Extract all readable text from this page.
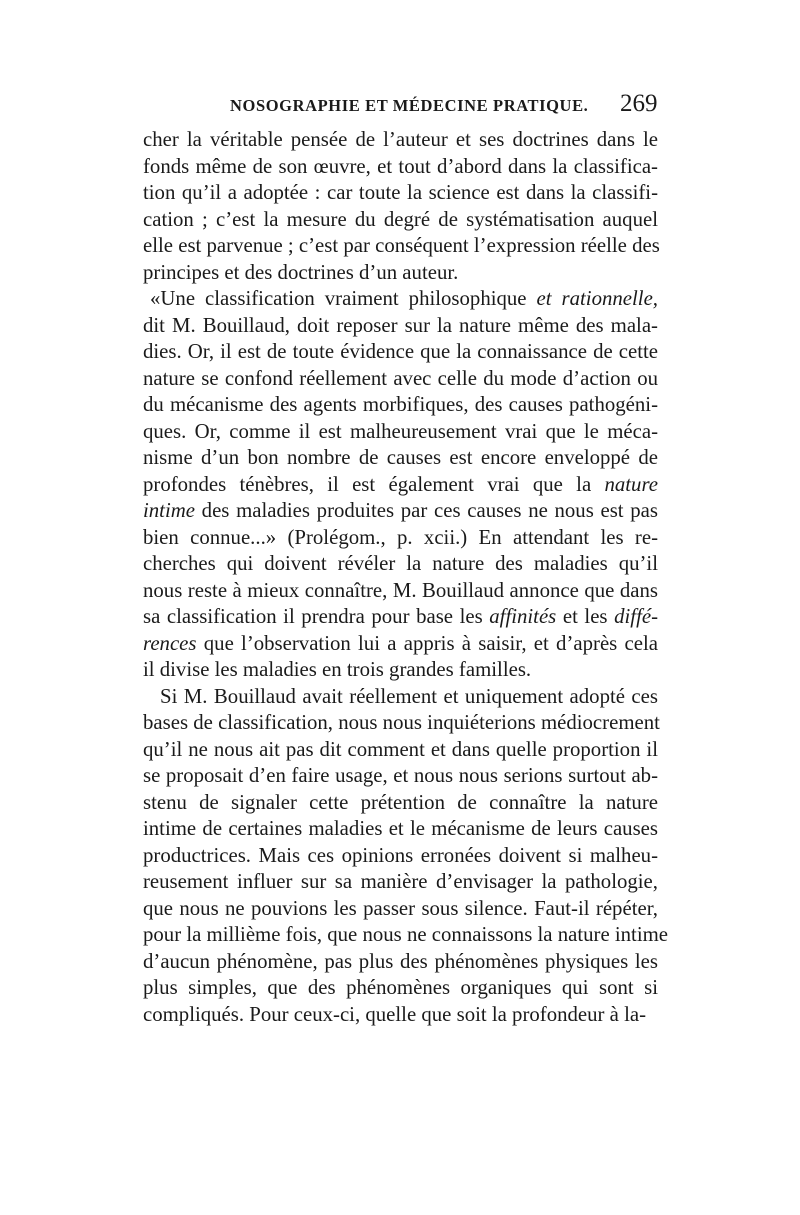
NOSOGRAPHIE ET MÉDECINE PRATIQUE. 269
cher la véritable pensée de l’auteur et ses doctrines dans le
fonds même de son œuvre, et tout d’abord dans la classifica-
tion qu’il a adoptée : car toute la science est dans la classifi-
cation ; c’est la mesure du degré de systématisation auquel
elle est parvenue ; c’est par conséquent l’expression réelle des
principes et des doctrines d’un auteur.
«Une classification vraiment philosophique et rationnelle,
dit M. Bouillaud, doit reposer sur la nature même des mala-
dies. Or, il est de toute évidence que la connaissance de cette
nature se confond réellement avec celle du mode d’action ou
du mécanisme des agents morbifiques, des causes pathogéni-
ques. Or, comme il est malheureusement vrai que le méca-
nisme d’un bon nombre de causes est encore enveloppé de
profondes ténèbres, il est également vrai que la nature
intime des maladies produites par ces causes ne nous est pas
bien connue...» (Prolégom., p. xcii.) En attendant les re-
cherches qui doivent révéler la nature des maladies qu’il
nous reste à mieux connaître, M. Bouillaud annonce que dans
sa classification il prendra pour base les affinités et les diffé-
rences que l’observation lui a appris à saisir, et d’après cela
il divise les maladies en trois grandes familles.
Si M. Bouillaud avait réellement et uniquement adopté ces
bases de classification, nous nous inquiéterions médiocrement
qu’il ne nous ait pas dit comment et dans quelle proportion il
se proposait d’en faire usage, et nous nous serions surtout ab-
stenu de signaler cette prétention de connaître la nature
intime de certaines maladies et le mécanisme de leurs causes
productrices. Mais ces opinions erronées doivent si malheu-
reusement influer sur sa manière d’envisager la pathologie,
que nous ne pouvions les passer sous silence. Faut-il répéter,
pour la millième fois, que nous ne connaissons la nature intime
d’aucun phénomène, pas plus des phénomènes physiques les
plus simples, que des phénomènes organiques qui sont si
compliqués. Pour ceux-ci, quelle que soit la profondeur à la-
